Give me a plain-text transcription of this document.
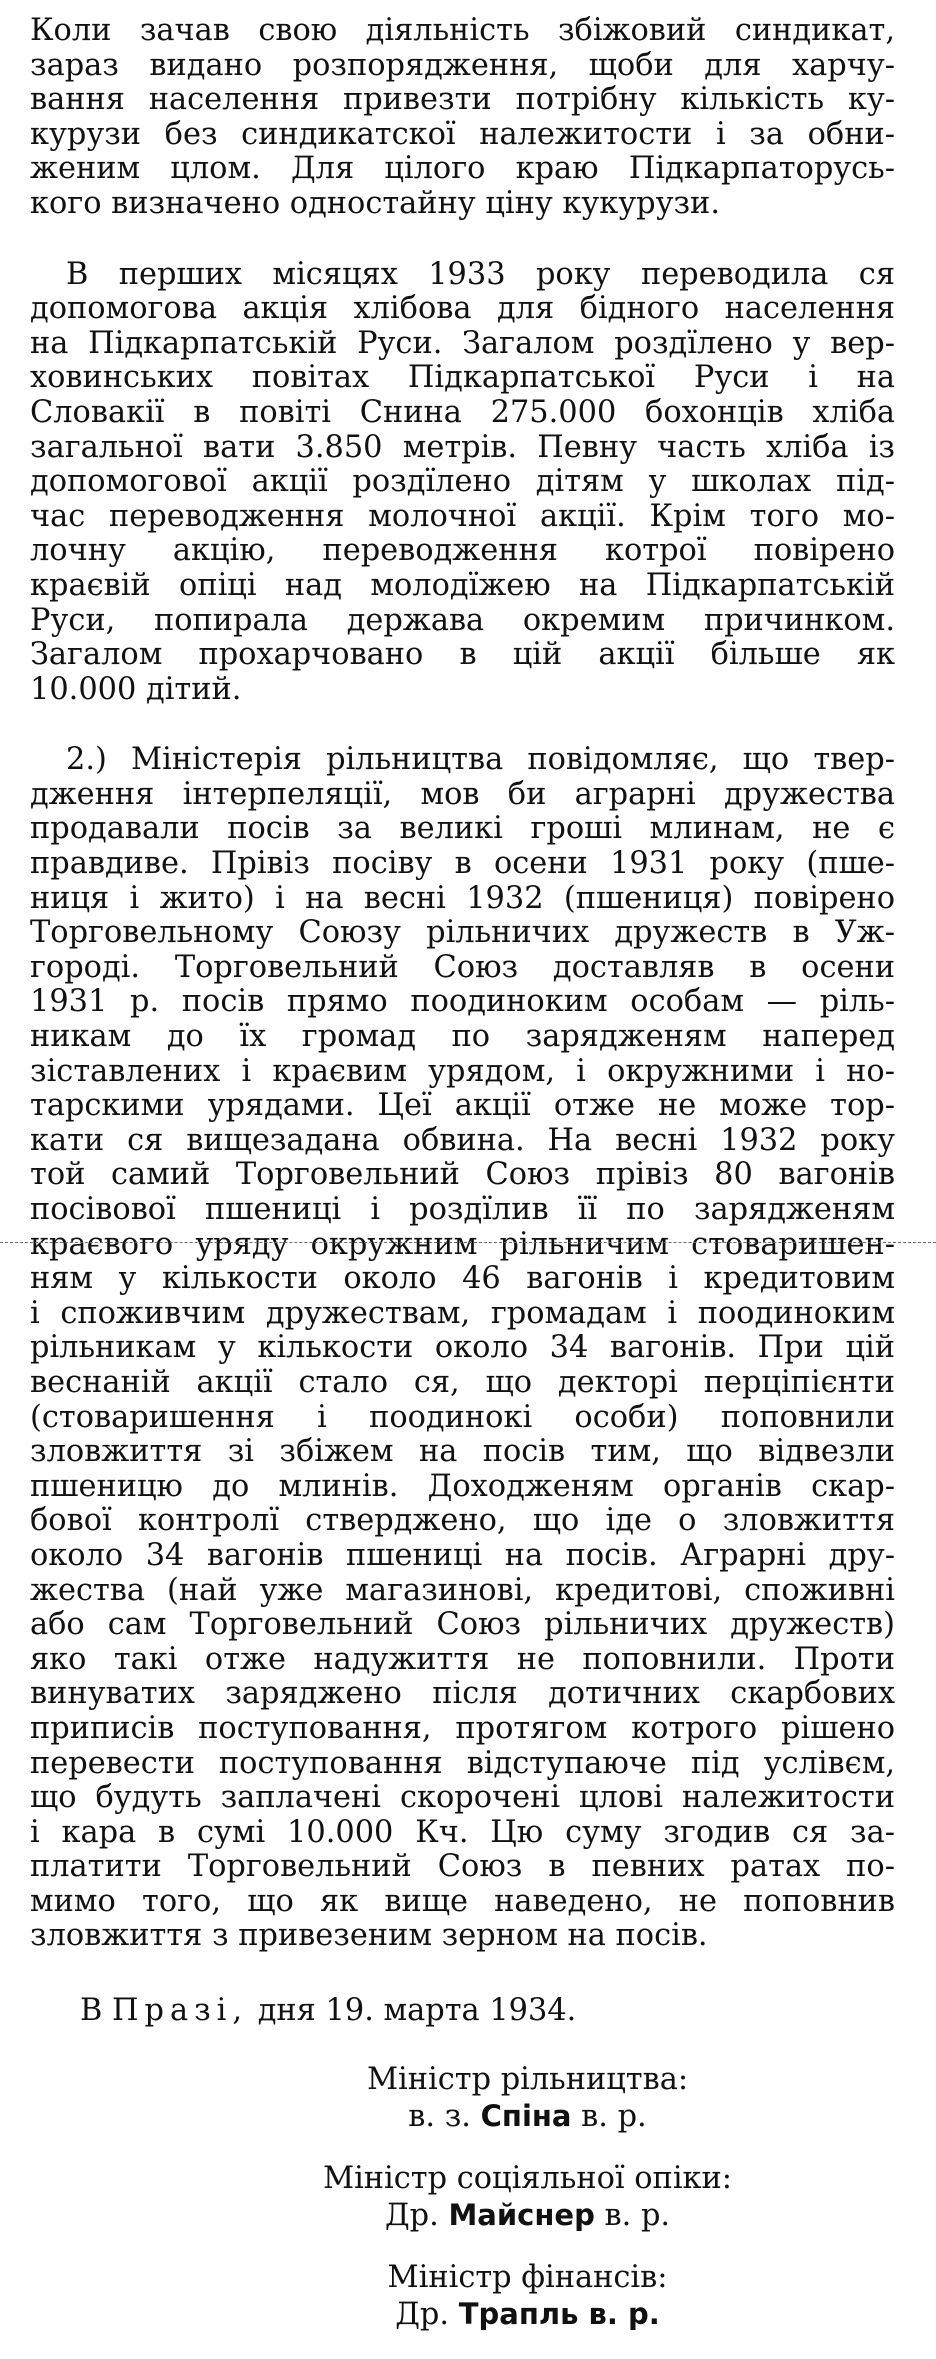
Коли зачав свою діяльність збіжовий синдикат,
зараз видано розпорядження, щоби для харчу-
вання населення привезти потрібну кількість ку-
курузи без синдикатскої належитости і за обни-
женим цлом. Для цілого краю Підкарпаторусь-
кого визначено одностайну ціну кукурузи.

В перших місяцях 1933 року переводила ся
допомогова акція хлібова для бідного населення
на Підкарпатській Руси. Загалом роздїлено у вер-
ховинських повітах Підкарпатської Руси і на
Словакії в повіті Снина 275.000 бохонців хліба
загальної вати 3.850 метрів. Певну часть хліба із
допомогової акції роздїлено дітям у школах під-
час переводження молочної акції. Крім того мо-
лочну акцію, переводження котрої повірено
краєвій опіці над молодїжею на Підкарпатській
Руси, попирала держава окремим причинком.
Загалом прохарчовано в цій акції більше як
10.000 дітий.

2.) Міністерія рільництва повідомляє, що твер-
дження інтерпеляції, мов би аграрні дружества
продавали посів за великі гроші млинам, не є
правдиве. Прівіз посіву в осени 1931 року (пше-
ниця і жито) і на весні 1932 (пшениця) повірено
Торговельному Союзу рільничих дружеств в Уж-
городі. Торговельний Союз доставляв в осени
1931 р. посів прямо поодиноким особам — ріль-
никам до їх громад по зарядженям наперед
зіставлених і краєвим урядом, і окружними і но-
тарскими урядами. Цеї акції отже не може тор-
кати ся вищезадана обвина. На весні 1932 року
той самий Торговельний Союз прівіз 80 вагонів
посівової пшениці і роздїлив її по зарядженям
краєвого уряду окружним рільничим стоваришен-
ням у кількости около 46 вагонів і кредитовим
і споживчим дружествам, громадам і поодиноким
рільникам у кількости около 34 вагонів. При цій
веснаній акції стало ся, що декторі перціпієнти
(стоваришення і поодинокі особи) поповнили
зловжиття зі збіжем на посів тим, що відвезли
пшеницю до млинів. Доходженям органів скар-
бової контролї стверджено, що іде о зловжиття
около 34 вагонів пшениці на посів. Аграрні дру-
жества (най уже магазинові, кредитові, споживні
або сам Торговельний Союз рільничих дружеств)
яко такі отже надужиття не поповнили. Проти
винуватих заряджено після дотичних скарбових
приписів поступовання, протягом котрого рішено
перевести поступовання відступаюче під услівєм,
що будуть заплачені скорочені цлові належитости
і кара в сумі 10.000 Кч. Цю суму згодив ся за-
платити Торговельний Союз в певних ратах по-
мимо того, що як вище наведено, не поповнив
зловжиття з привезеним зерном на посів.

В Празі, дня 19. марта 1934.
Міністр рільництва:
в. з. Спіна в. р.
Міністр соціяльної опіки:
Др. Майснер в. р.
Міністр фінансів:
Др. Трапль в. р.
